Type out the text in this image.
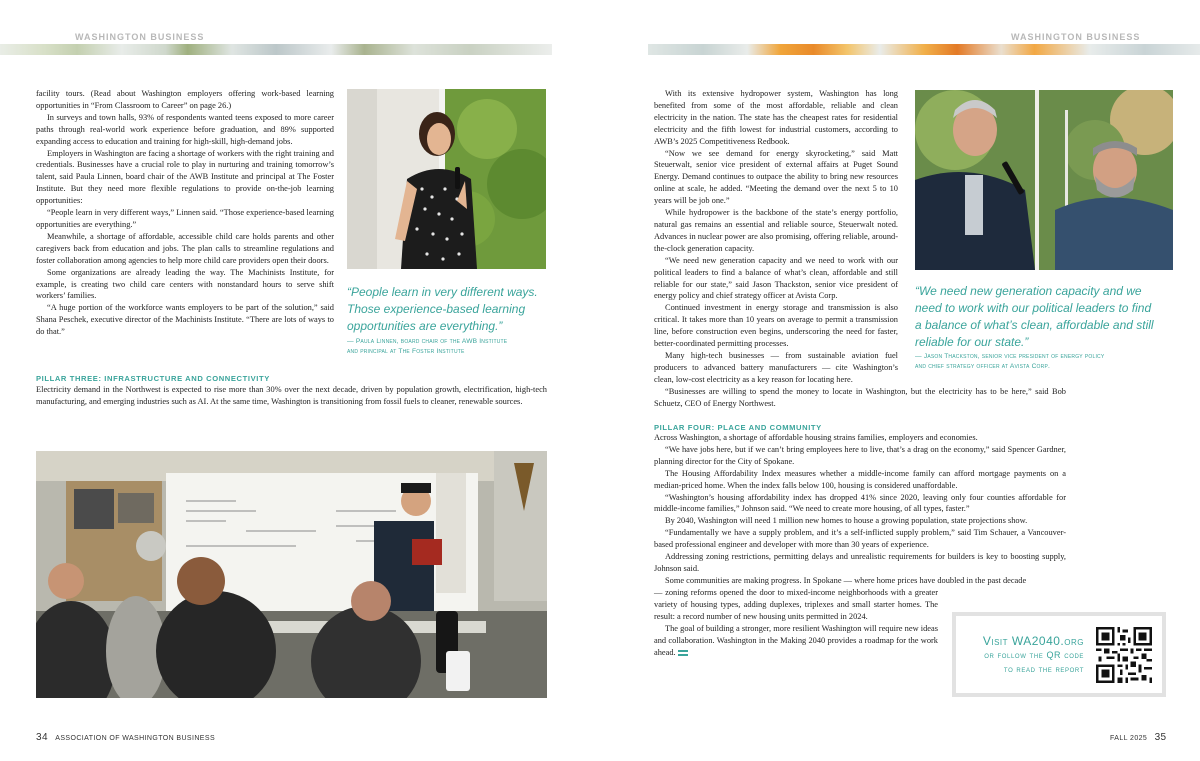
WASHINGTON BUSINESS	WASHINGTON BUSINESS

facility tours. (Read about Washington employers offering work-based learning opportunities in “From Classroom to Career” on page 26.)

In surveys and town halls, 93% of respondents wanted teens exposed to more career paths through real-world work experience before graduation, and 89% supported expanding access to education and training for high-skill, high-demand jobs.

Employers in Washington are facing a shortage of workers with the right training and credentials. Businesses have a crucial role to play in nurturing and training tomorrow’s talent, said Paula Linnen, board chair of the AWB Institute and principal at The Foster Institute. But they need more flexible regulations to provide on-the-job learning opportunities:

“People learn in very different ways,” Linnen said. “Those experience-based learning opportunities are everything.”

Meanwhile, a shortage of affordable, accessible child care holds parents and other caregivers back from education and jobs. The plan calls to streamline regulations and foster collaboration among agencies to help more child care providers open their doors.

Some organizations are already leading the way. The Machinists Institute, for example, is creating two child care centers with nonstandard hours to serve shift workers’ families.

“A huge portion of the workforce wants employers to be part of the solution,” said Shana Peschek, executive director of the Machinists Institute. “There are lots of ways to do that.”

“People learn in very different ways. Those experience-based learning opportunities are everything.”
— Paula Linnen, board chair of the AWB Institute
and principal at The Foster Institute
PILLAR THREE: INFRASTRUCTURE AND CONNECTIVITY

Electricity demand in the Northwest is expected to rise more than 30% over the next decade, driven by population growth, electrification, high-tech manufacturing, and emerging industries such as AI. At the same time, Washington is transitioning from fossil fuels to cleaner, renewable sources.

With its extensive hydropower system, Washington has long benefited from some of the most affordable, reliable and clean electricity in the nation. The state has the cheapest rates for residential electricity and the fifth lowest for industrial customers, according to AWB’s 2025 Competitiveness Redbook.

“Now we see demand for energy skyrocketing,” said Matt Steuerwalt, senior vice president of external affairs at Puget Sound Energy. Demand continues to outpace the ability to bring new resources online at scale, he added. “Meeting the demand over the next 5 to 10 years will be job one.”

While hydropower is the backbone of the state’s energy portfolio, natural gas remains an essential and reliable source, Steuerwalt noted. Advances in nuclear power are also promising, offering reliable, around-the-clock generation capacity.

“We need new generation capacity and we need to work with our political leaders to find a balance of what’s clean, affordable and still reliable for our state,” said Jason Thackston, senior vice president of energy policy and chief strategy officer at Avista Corp.

Continued investment in energy storage and transmission is also critical. It takes more than 10 years on average to permit a transmission line, before construction even begins, underscoring the need for faster, better-coordinated permitting processes.

Many high-tech businesses — from sustainable aviation fuel producers to advanced battery manufacturers — cite Washington’s clean, low-cost electricity as a key reason for locating here.

“We need new generation capacity and we need to work with our political leaders to find a balance of what’s clean, affordable and still reliable for our state.”
— Jason Thackston, senior vice president of energy policy
and chief strategy officer at Avista Corp.

“Businesses are willing to spend the money to locate in Washington, but the electricity has to be here,” said Bob Schuetz, CEO of Energy Northwest.

PILLAR FOUR: PLACE AND COMMUNITY

Across Washington, a shortage of affordable housing strains families, employers and economies.

“We have jobs here, but if we can’t bring employees here to live, that’s a drag on the economy,” said Spencer Gardner, planning director for the City of Spokane.

The Housing Affordability Index measures whether a middle-income family can afford mortgage payments on a median-priced home. When the index falls below 100, housing is considered unaffordable.

“Washington’s housing affordability index has dropped 41% since 2020, leaving only four counties affordable for middle-income families,” Johnson said. “We need to create more housing, of all types, faster.”

By 2040, Washington will need 1 million new homes to house a growing population, state projections show.

“Fundamentally we have a supply problem, and it’s a self-inflicted supply problem,” said Tim Schauer, a Vancouver-based professional engineer and developer with more than 30 years of experience.

Addressing zoning restrictions, permitting delays and unrealistic requirements for builders is key to boosting supply, Johnson said.

Some communities are making progress. In Spokane — where home prices have doubled in the past decade

— zoning reforms opened the door to mixed-income neighborhoods with a greater variety of housing types, adding duplexes, triplexes and small starter homes. The result: a record number of new housing units permitted in 2024.

The goal of building a stronger, more resilient Washington will require new ideas and collaboration. Washington in the Making 2040 provides a roadmap for the work ahead.

Visit WA2040.org
or follow the QR code
to read the report
34 ASSOCIATION OF WASHINGTON BUSINESS	FALL 2025 35
